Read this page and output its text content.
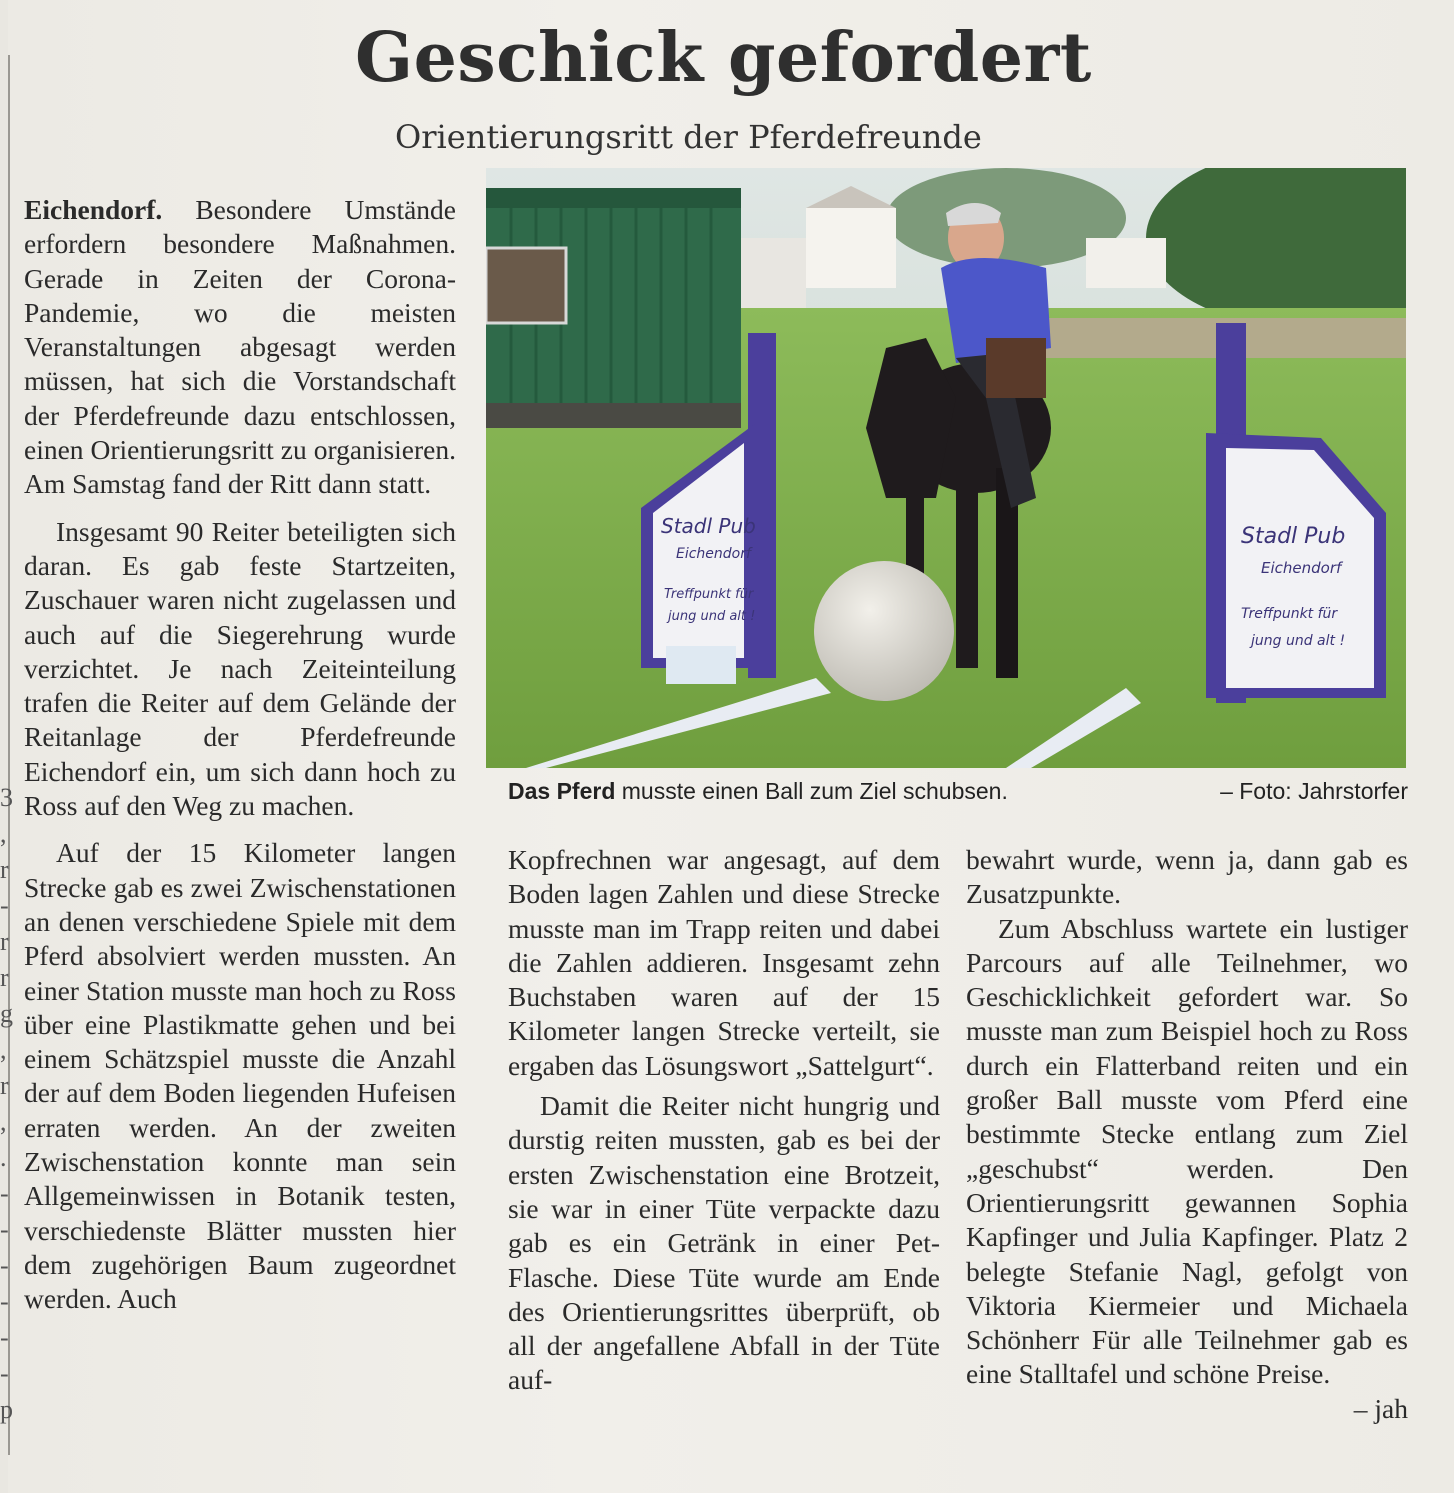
3
,
r
-
r
r
g
,
r
,
.
-
-
-
-
-
-
p
Geschick gefordert
Orientierungsritt der Pferdefreunde
Stadl Pub
Eichendorf
Treffpunkt für
jung und alt !
Stadl Pub
Eichendorf
Treffpunkt für
jung und alt !
Das Pferd musste einen Ball zum Ziel schubsen.	– Foto: Jahrstorfer

Eichendorf. Besondere Umstände erfordern besondere Maßnahmen. Gerade in Zeiten der Corona-Pandemie, wo die meisten Veranstaltungen abgesagt werden müssen, hat sich die Vorstandschaft der Pferdefreunde dazu entschlossen, einen Orientierungsritt zu organisieren. Am Samstag fand der Ritt dann statt.

Insgesamt 90 Reiter beteiligten sich daran. Es gab feste Startzeiten, Zuschauer waren nicht zugelassen und auch auf die Siegerehrung wurde verzichtet. Je nach Zeiteinteilung trafen die Reiter auf dem Gelände der Reitanlage der Pferdefreunde Eichendorf ein, um sich dann hoch zu Ross auf den Weg zu machen.

Auf der 15 Kilometer langen Strecke gab es zwei Zwischenstationen an denen verschiedene Spiele mit dem Pferd absolviert werden mussten. An einer Station musste man hoch zu Ross über eine Plastikmatte gehen und bei einem Schätzspiel musste die Anzahl der auf dem Boden liegenden Hufeisen erraten werden. An der zweiten Zwischenstation konnte man sein Allgemeinwissen in Botanik testen, verschiedenste Blätter mussten hier dem zugehörigen Baum zugeordnet werden. Auch

Kopfrechnen war angesagt, auf dem Boden lagen Zahlen und diese Strecke musste man im Trapp reiten und dabei die Zahlen addieren. Insgesamt zehn Buchstaben waren auf der 15 Kilometer langen Strecke verteilt, sie ergaben das Lösungswort „Sattelgurt“.

Damit die Reiter nicht hungrig und durstig reiten mussten, gab es bei der ersten Zwischenstation eine Brotzeit, sie war in einer Tüte verpackte dazu gab es ein Getränk in einer Pet-Flasche. Diese Tüte wurde am Ende des Orientierungsrittes überprüft, ob all der angefallene Abfall in der Tüte auf-

bewahrt wurde, wenn ja, dann gab es Zusatzpunkte.

Zum Abschluss wartete ein lustiger Parcours auf alle Teilnehmer, wo Geschicklichkeit gefordert war. So musste man zum Beispiel hoch zu Ross durch ein Flatterband reiten und ein großer Ball musste vom Pferd eine bestimmte Stecke entlang zum Ziel „geschubst“ werden. Den Orientierungsritt gewannen Sophia Kapfinger und Julia Kapfinger. Platz 2 belegte Stefanie Nagl, gefolgt von Viktoria Kiermeier und Michaela Schönherr Für alle Teilnehmer gab es eine Stalltafel und schöne Preise.
– jah
